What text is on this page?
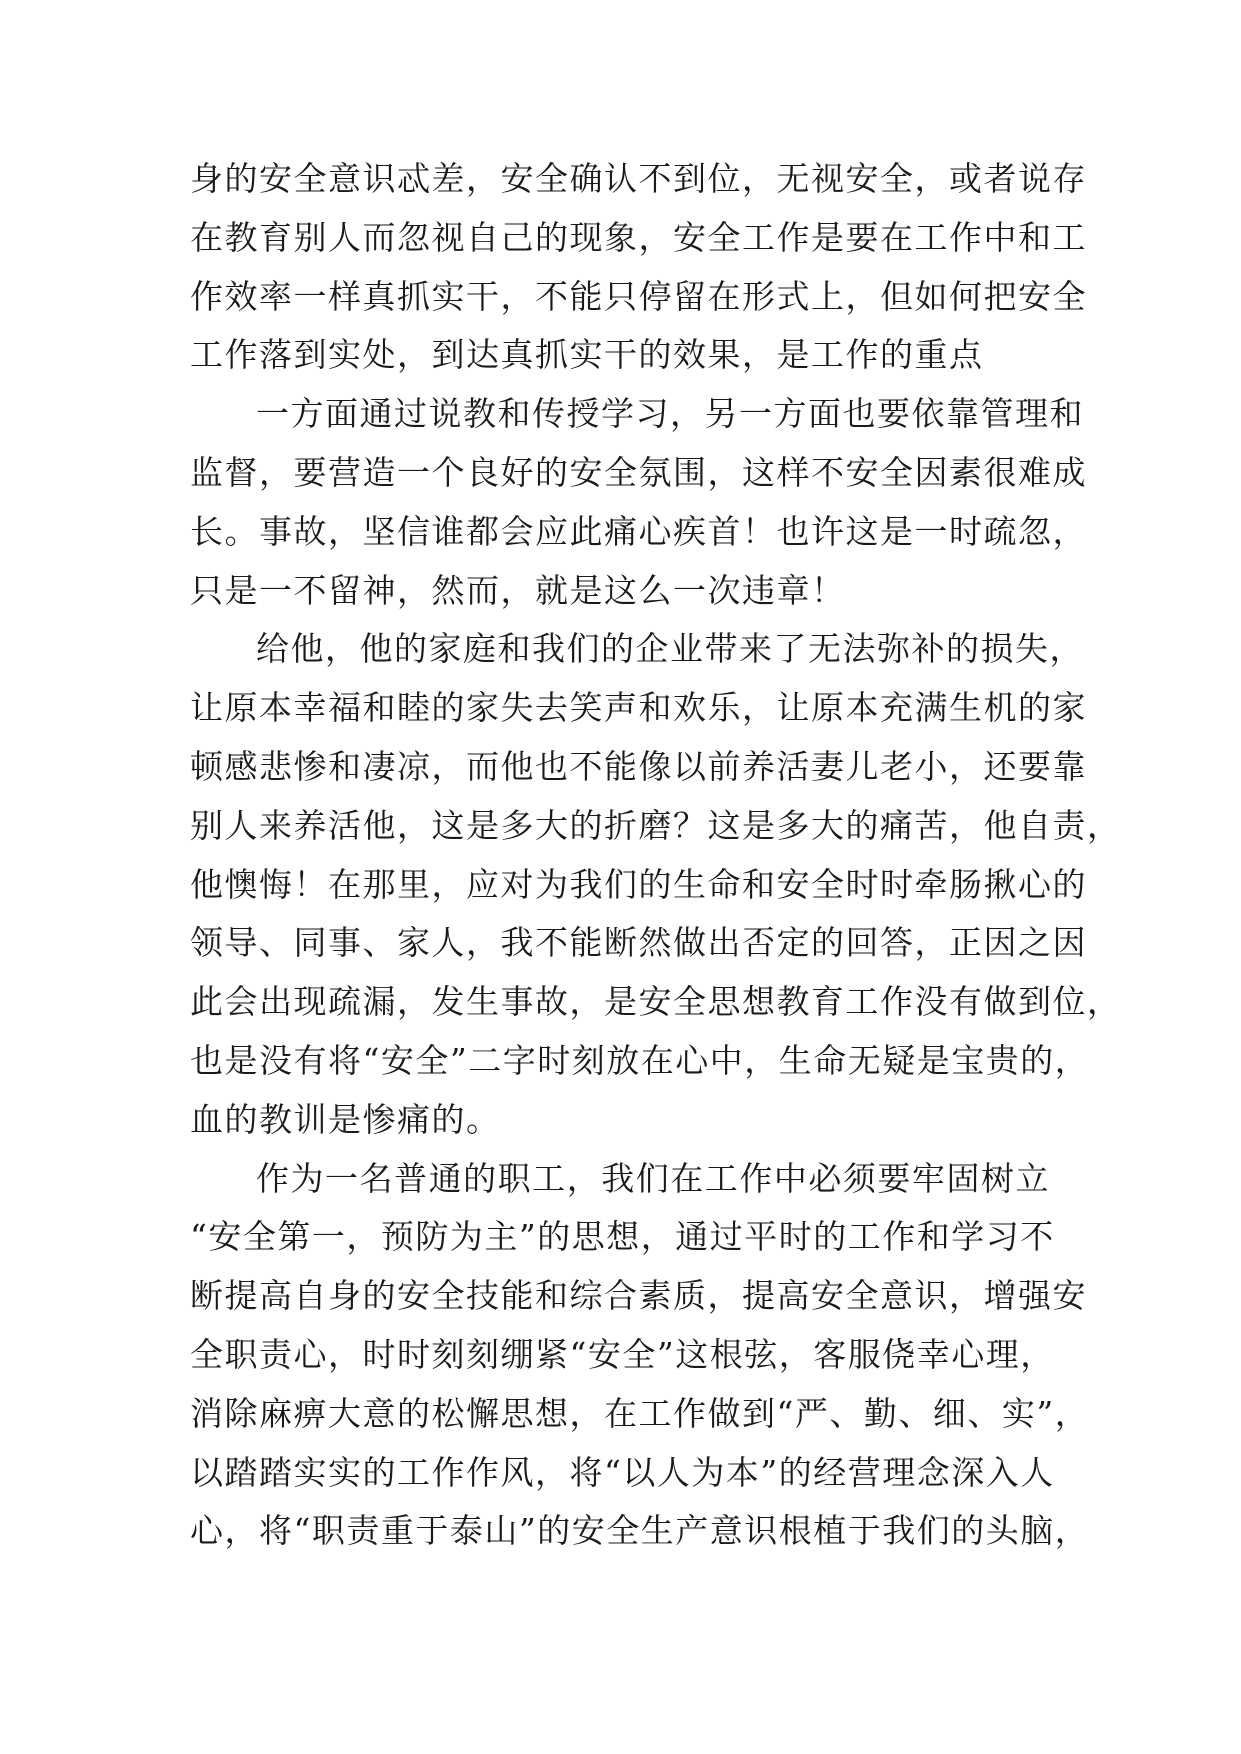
身的安全意识忒差，安全确认不到位，无视安全，或者说存
在教育别人而忽视自己的现象，安全工作是要在工作中和工
作效率一样真抓实干，不能只停留在形式上，但如何把安全
工作落到实处，到达真抓实干的效果，是工作的重点
一方面通过说教和传授学习，另一方面也要依靠管理和
监督，要营造一个良好的安全氛围，这样不安全因素很难成
长。事故，坚信谁都会应此痛心疾首！也许这是一时疏忽，
只是一不留神，然而，就是这么一次违章！
给他，他的家庭和我们的企业带来了无法弥补的损失，
让原本幸福和睦的家失去笑声和欢乐，让原本充满生机的家
顿感悲惨和凄凉，而他也不能像以前养活妻儿老小，还要靠
别人来养活他，这是多大的折磨？这是多大的痛苦，他自责，
他懊悔！在那里，应对为我们的生命和安全时时牵肠揪心的
领导、同事、家人，我不能断然做出否定的回答，正因之因
此会出现疏漏，发生事故，是安全思想教育工作没有做到位，
也是没有将“安全”二字时刻放在心中，生命无疑是宝贵的，
血的教训是惨痛的。
作为一名普通的职工，我们在工作中必须要牢固树立
“安全第一，预防为主”的思想，通过平时的工作和学习不
断提高自身的安全技能和综合素质，提高安全意识，增强安
全职责心，时时刻刻绷紧“安全”这根弦，客服侥幸心理，
消除麻痹大意的松懈思想，在工作做到“严、勤、细、实”，
以踏踏实实的工作作风，将“以人为本”的经营理念深入人
心，将“职责重于泰山”的安全生产意识根植于我们的头脑，
